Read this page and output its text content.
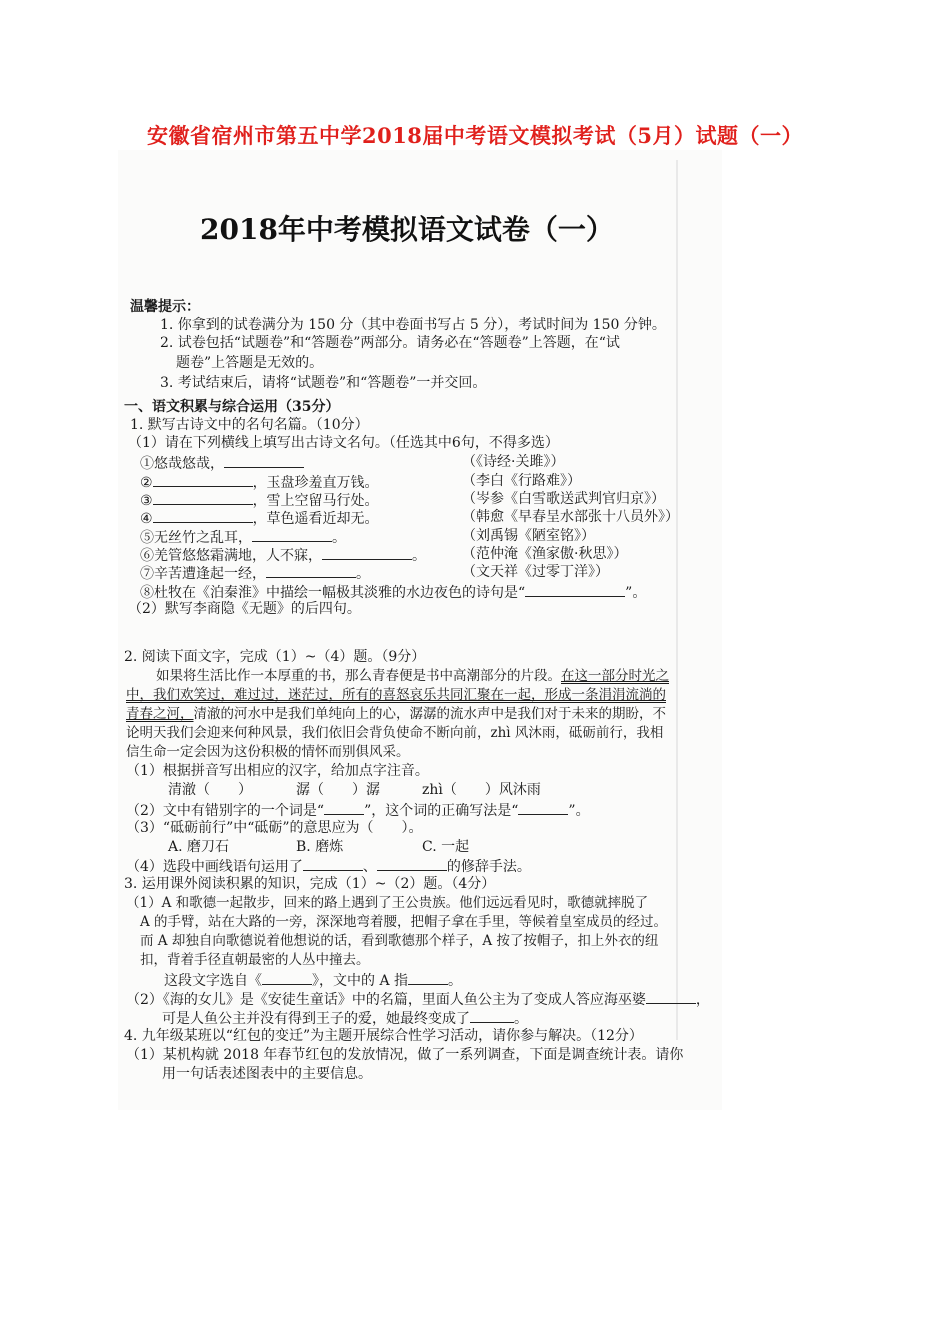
安徽省宿州市第五中学2018届中考语文模拟考试（5月）试题（一）
2018年中考模拟语文试卷（一）
温馨提示：
1. 你拿到的试卷满分为 150 分（其中卷面书写占 5 分），考试时间为 150 分钟。
2. 试卷包括“试题卷”和“答题卷”两部分。请务必在“答题卷”上答题，在“试
题卷”上答题是无效的。
3. 考试结束后，请将“试题卷”和“答题卷”一并交回。
一、语文积累与综合运用（35分）
1. 默写古诗文中的名句名篇。（10分）
（1）请在下列横线上填写出古诗文名句。（任选其中6句，不得多选）
①悠哉悠哉，	（《诗经·关雎》）
②	，玉盘珍羞直万钱。	（李白《行路难》）
③	，雪上空留马行处。	（岑参《白雪歌送武判官归京》）
④	，草色遥看近却无。	（韩愈《早春呈水部张十八员外》）
⑤无丝竹之乱耳，	。	（刘禹锡《陋室铭》）
⑥羌管悠悠霜满地，人不寐，	。	（范仲淹《渔家傲·秋思》）
⑦辛苦遭逢起一经，	。	（文天祥《过零丁洋》）
⑧杜牧在《泊秦淮》中描绘一幅极其淡雅的水边夜色的诗句是“	”。
（2）默写李商隐《无题》的后四句。
2. 阅读下面文字，完成（1）~（4）题。（9分）
如果将生活比作一本厚重的书，那么青春便是书中高潮部分的片段。在这一部分时光之
中，我们欢笑过，难过过，迷茫过，所有的喜怒哀乐共同汇聚在一起，形成一条涓涓流淌的
青春之河，清澈的河水中是我们单纯向上的心，潺潺的流水声中是我们对于未来的期盼，不
论明天我们会迎来何种风景，我们依旧会背负使命不断向前，zhì 风沐雨，砥砺前行，我相
信生命一定会因为这份积极的情怀而别俱风采。
（1）根据拼音写出相应的汉字，给加点字注音。
清澈（　　）	潺（　　）潺	zhì（　　）风沐雨
（2）文中有错别字的一个词是“	”，这个词的正确写法是“	”。
（3）“砥砺前行”中“砥砺”的意思应为（　　）。
A. 磨刀石	B. 磨炼	C. 一起
（4）选段中画线语句运用了	、	的修辞手法。
3. 运用课外阅读积累的知识，完成（1）~（2）题。（4分）
（1）A 和歌德一起散步，回来的路上遇到了王公贵族。他们远远看见时，歌德就摔脱了
A 的手臂，站在大路的一旁，深深地弯着腰，把帽子拿在手里，等候着皇室成员的经过。
而 A 却独自向歌德说着他想说的话，看到歌德那个样子，A 按了按帽子，扣上外衣的纽
扣，背着手径直朝最密的人丛中撞去。
这段文字选自《	》，文中的 A 指	。
（2）《海的女儿》是《安徒生童话》中的名篇，里面人鱼公主为了变成人答应海巫婆	，
可是人鱼公主并没有得到王子的爱，她最终变成了	。
4. 九年级某班以“红包的变迁”为主题开展综合性学习活动，请你参与解决。（12分）
（1）某机构就 2018 年春节红包的发放情况，做了一系列调查，下面是调查统计表。请你
用一句话表述图表中的主要信息。
